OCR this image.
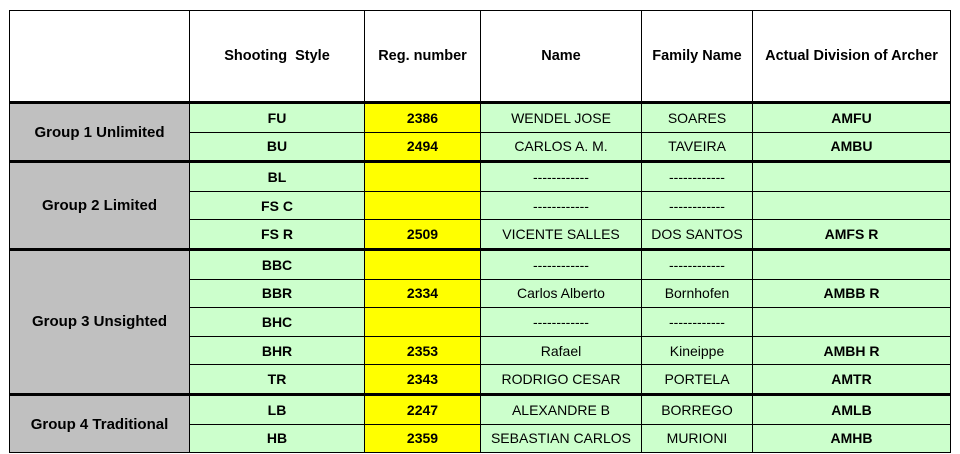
	Shooting  Style	Reg. number	Name	Family Name	Actual Division of Archer
Group 1 Unlimited	FU	2386	WENDEL JOSE	SOARES	AMFU
	BU	2494	CARLOS A. M.	TAVEIRA	AMBU
Group 2 Limited	BL		------------	------------	
	FS C		------------	------------	
	FS R	2509	VICENTE SALLES	DOS SANTOS	AMFS R
Group 3 Unsighted	BBC		------------	------------	
	BBR	2334	Carlos Alberto	Bornhofen	AMBB R
	BHC		------------	------------	
	BHR	2353	Rafael	Kineippe	AMBH R
	TR	2343	RODRIGO CESAR	PORTELA	AMTR
Group 4 Traditional	LB	2247	ALEXANDRE B	BORREGO	AMLB
	HB	2359	SEBASTIAN CARLOS	MURIONI	AMHB
